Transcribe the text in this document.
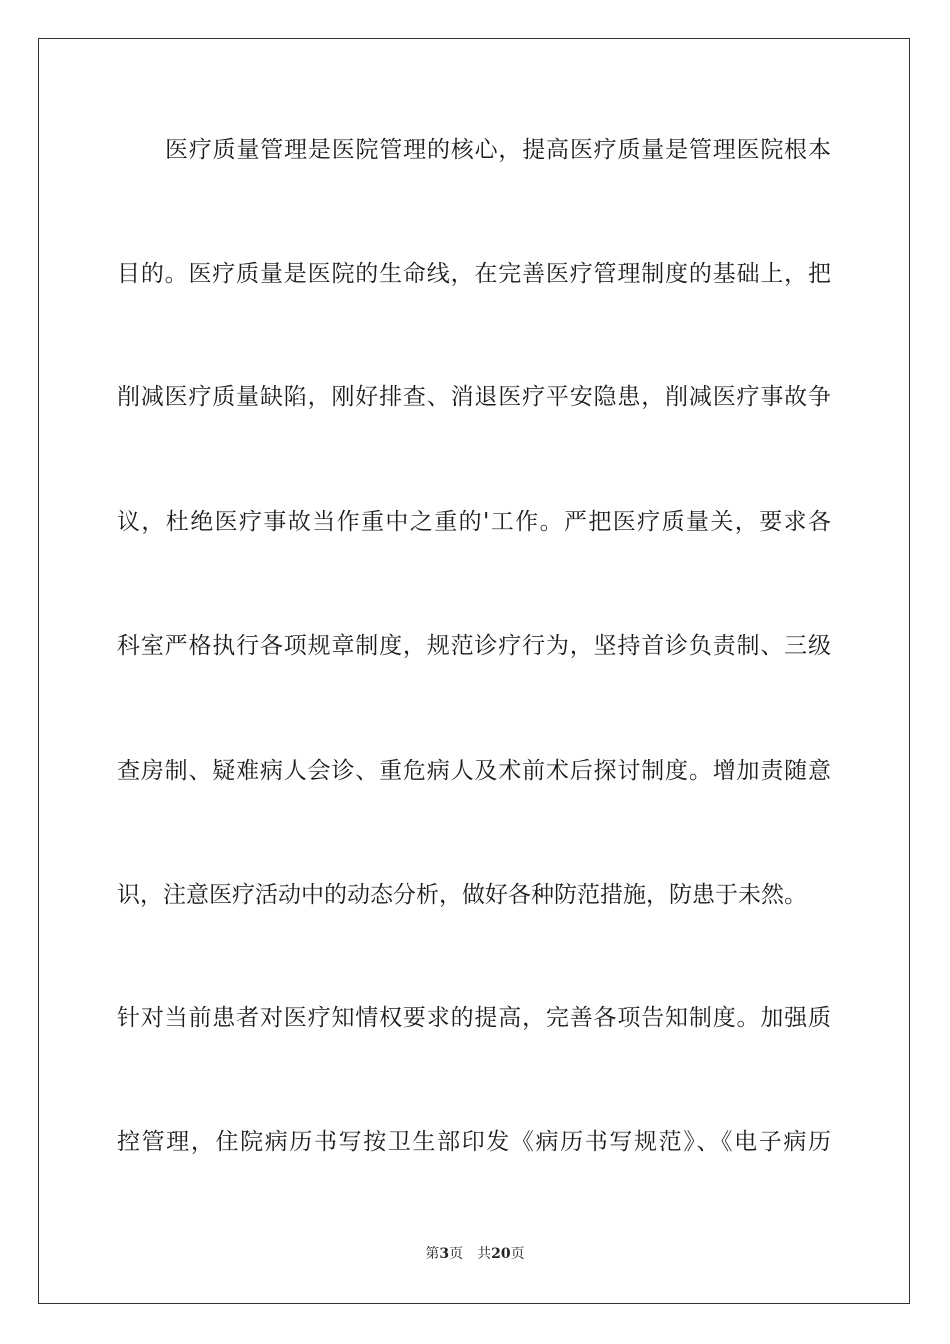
医疗质量管理是医院管理的核心，提高医疗质量是管理医院根本
目的。医疗质量是医院的生命线，在完善医疗管理制度的基础上，把
削减医疗质量缺陷，刚好排查、消退医疗平安隐患，削减医疗事故争
议，杜绝医疗事故当作重中之重的'工作。严把医疗质量关，要求各
科室严格执行各项规章制度，规范诊疗行为，坚持首诊负责制、三级
查房制、疑难病人会诊、重危病人及术前术后探讨制度。增加责随意
识，注意医疗活动中的动态分析，做好各种防范措施，防患于未然。
针对当前患者对医疗知情权要求的提高，完善各项告知制度。加强质
控管理，住院病历书写按卫生部印发《病历书写规范》、《电子病历
第3页 共20页
